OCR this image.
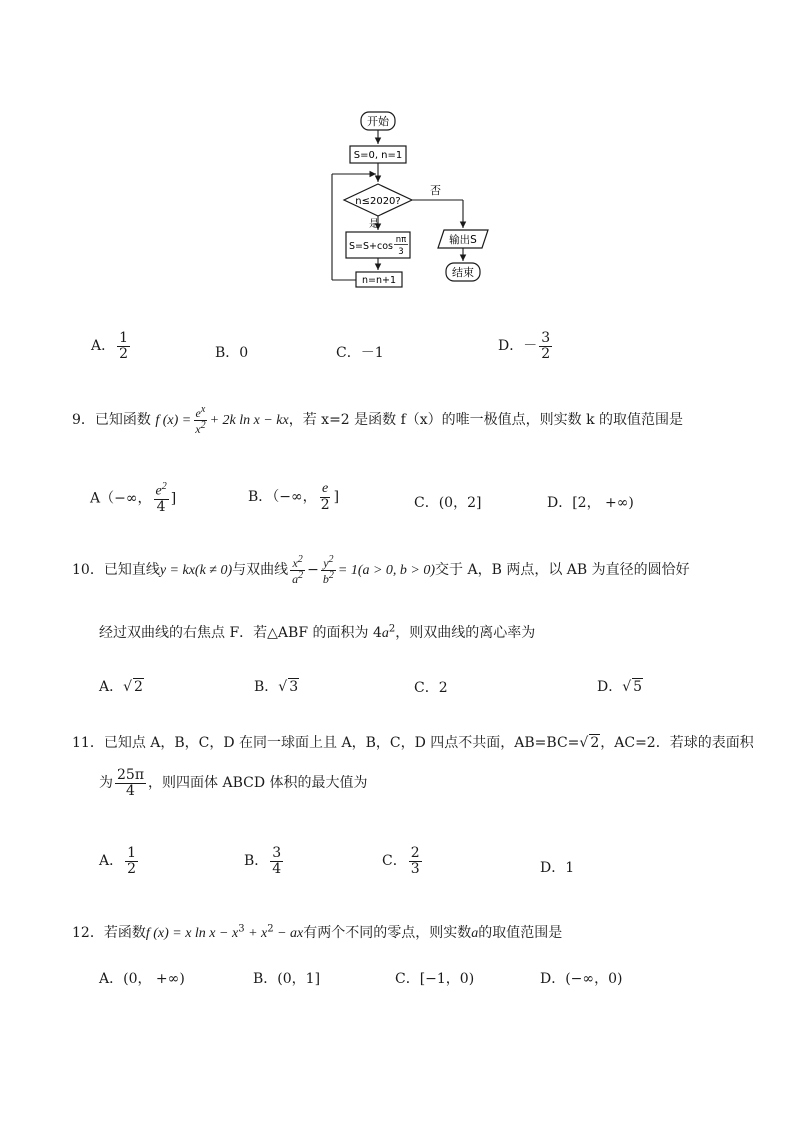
开始
S=0, n=1
n≤2020?
否
是
S=S+cos
nπ
3
n=n+1
输出S
结束
A． $\frac{1}{2}$	B．0	C．－1	D．－ $\frac{3}{2}$
9．已知函数 f $(x) = \frac{e^x}{x^2} + 2k$ ln x − kx，若 x=2 是函数 f（x）的唯一极值点，则实数 k 的取值范围是
A（−∞， $\frac{e^2}{4}$ ]	B．（−∞， $\frac{e}{2}$ ]	C．(0，2]	D．[2， +∞)
10．已知直线y = kx(k ≠ 0)与双曲线 $\frac{x^2}{a^2} - \frac{y^2}{b^2} = 1(a > 0$, b > 0)交于 A，B 两点，以 AB 为直径的圆恰好
经过双曲线的右焦点 F．若△ABF 的面积为 $4a^2$，则双曲线的离心率为
A．√ 2	B．√ 3	C．2	D．√ 5
11．已知点 A，B，C，D 在同一球面上且 A，B，C，D 四点不共面，AB=BC=√ 2，AC=2．若球的表面积
为 $\frac{25\pi}{4}$ ，则四面体 ABCD 体积的最大值为
A． $\frac{1}{2}$	B． $\frac{3}{4}$	C． $\frac{2}{3}$	D．1
12．若函数f (x) = x $\ln x - x^3 + x^2$ − ax有两个不同的零点，则实数a的取值范围是
A．(0， +∞)	B．(0，1]	C．[−1，0)	D．(−∞，0)
